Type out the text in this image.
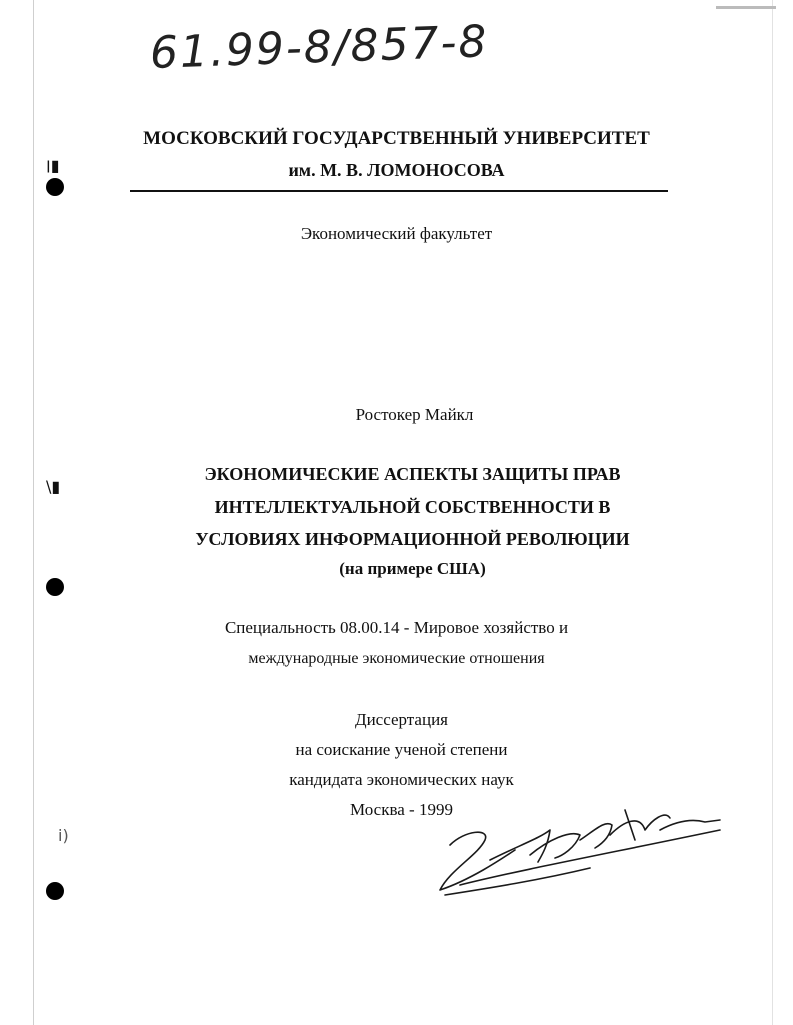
61.99-8/857-8
МОСКОВСКИЙ ГОСУДАРСТВЕННЫЙ УНИВЕРСИТЕТ
им. М. В. ЛОМОНОСОВА
Экономический факультет
Ростокер Майкл
ЭКОНОМИЧЕСКИЕ АСПЕКТЫ ЗАЩИТЫ ПРАВ
ИНТЕЛЛЕКТУАЛЬНОЙ СОБСТВЕННОСТИ В
УСЛОВИЯХ ИНФОРМАЦИОННОЙ РЕВОЛЮЦИИ
(на примере США)
Специальность 08.00.14 - Мировое хозяйство и
международные экономические отношения
Диссертация
на соискание ученой степени
кандидата экономических наук
Москва - 1999
׀▮
\▮
ⅰ)
